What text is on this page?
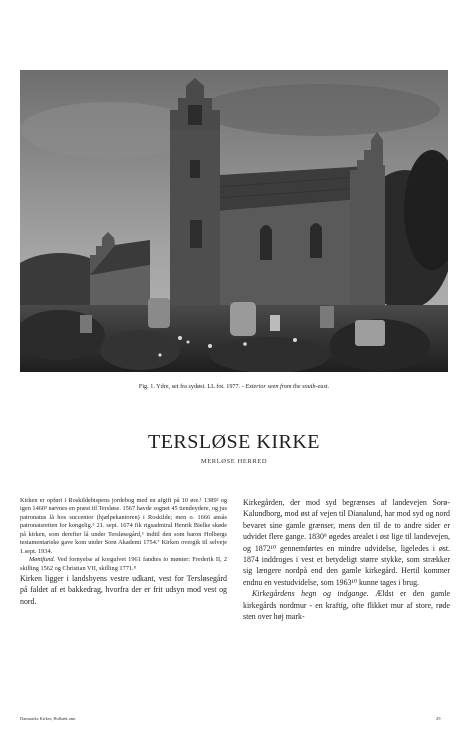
Fig. 1. Ydre, set fra sydøst. LL fot. 1977. - Exterior seen from the south-east.
TERSLØSE KIRKE
MERLØSE HERRED

Kirken er opført i Roskildebispens jordebog med en afgift på 10 øre.¹ 1389² og igen 1460³ nævnes en præst til Tersløse. 1567 havde sognet 45 tiendeydere, og jus patronatus lå hos succentor (hjælpekantoren) i Roskilde; men o. 1666 ansås patronatsretten for kongelig.⁵ 21. sept. 1674 fik rigsadmiral Henrik Bielke skøde på kirken, som derefter lå under Tersløsegård,⁶ indtil den som baron Holbergs testamentariske gave kom under Sorø Akademi 1754.⁷ Kirken overgik til selveje 1.sept. 1934.

Møntfund. Ved fornyelse af korgulvet 1961 fandtes to mønter: Frederik II, 2 skilling 1562 og Christian VII, skilling 1771.⁸

Kirken ligger i landsbyens vestre udkant, vest for Tersløsegård på faldet af et bakkedrag, hvorfra der er frit udsyn mod vest og nord.

Kirkegården, der mod syd begrænses af landevejen Sorø-Kalundborg, mod øst af vejen til Dianalund, har mod syd og nord bevaret sine gamle grænser, mens den til de to andre sider er udvidet flere gange. 1830⁹ øgedes arealet i øst lige til landevejen, og 1872¹⁰ gennemførtes en mindre udvidelse, ligeledes i øst. 1874 inddroges i vest et betydeligt større stykke, som strækker sig længere nordpå end den gamle kirkegård. Hertil kommer endnu en vestudvidelse, som 1963¹⁰ kunne tages i brug.

Kirkegårdens hegn og indgange. Ældst er den gamle kirkegårds nordmur - en kraftig, ofte flikket mur af store, røde sten over høj mark-

Danmarks Kirker, Holbæk amt	29
